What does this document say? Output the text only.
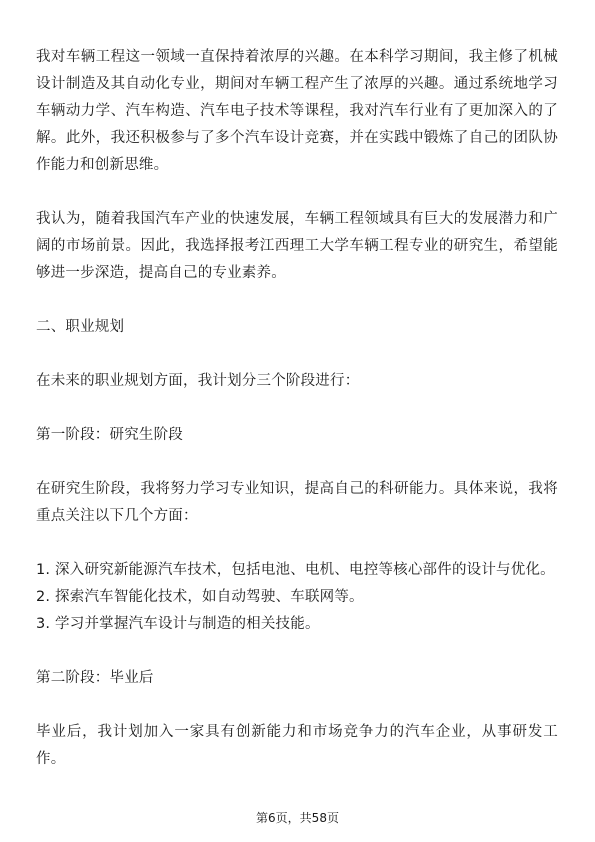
我对车辆工程这一领域一直保持着浓厚的兴趣。在本科学习期间，我主修了机械设计制造及其自动化专业，期间对车辆工程产生了浓厚的兴趣。通过系统地学习车辆动力学、汽车构造、汽车电子技术等课程，我对汽车行业有了更加深入的了解。此外，我还积极参与了多个汽车设计竞赛，并在实践中锻炼了自己的团队协作能力和创新思维。

我认为，随着我国汽车产业的快速发展，车辆工程领域具有巨大的发展潜力和广阔的市场前景。因此，我选择报考江西理工大学车辆工程专业的研究生，希望能够进一步深造，提高自己的专业素养。

二、职业规划

在未来的职业规划方面，我计划分三个阶段进行：

第一阶段：研究生阶段

在研究生阶段，我将努力学习专业知识，提高自己的科研能力。具体来说，我将重点关注以下几个方面：

1. 深入研究新能源汽车技术，包括电池、电机、电控等核心部件的设计与优化。

2. 探索汽车智能化技术，如自动驾驶、车联网等。

3. 学习并掌握汽车设计与制造的相关技能。

第二阶段：毕业后

毕业后，我计划加入一家具有创新能力和市场竞争力的汽车企业，从事研发工作。

第6页，共58页
